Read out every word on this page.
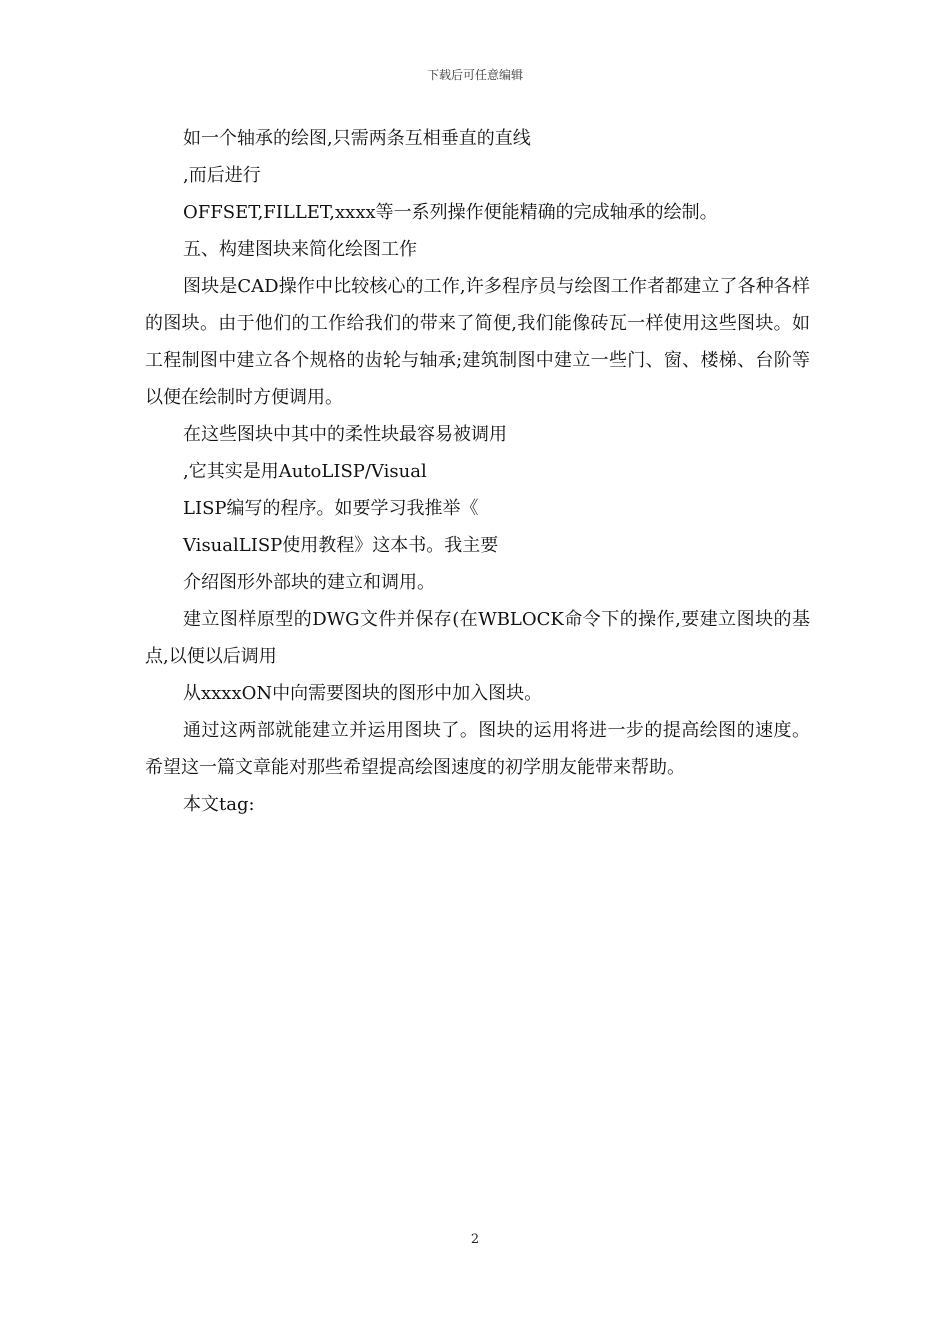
下载后可任意编辑

如一个轴承的绘图,只需两条互相垂直的直线

,而后进行

OFFSET,FILLET,xxxx等一系列操作便能精确的完成轴承的绘制。

五、构建图块来简化绘图工作

图块是CAD操作中比较核心的工作,许多程序员与绘图工作者都建立了各种各样的图块。由于他们的工作给我们的带来了简便,我们能像砖瓦一样使用这些图块。如工程制图中建立各个规格的齿轮与轴承;建筑制图中建立一些门、窗、楼梯、台阶等以便在绘制时方便调用。

在这些图块中其中的柔性块最容易被调用

,它其实是用AutoLISP/Visual

LISP编写的程序。如要学习我推举《

VisualLISP使用教程》这本书。我主要

介绍图形外部块的建立和调用。

建立图样原型的DWG文件并保存(在WBLOCK命令下的操作,要建立图块的基点,以便以后调用

从xxxxON中向需要图块的图形中加入图块。

通过这两部就能建立并运用图块了。图块的运用将进一步的提高绘图的速度。希望这一篇文章能对那些希望提高绘图速度的初学朋友能带来帮助。

本文tag:

2
